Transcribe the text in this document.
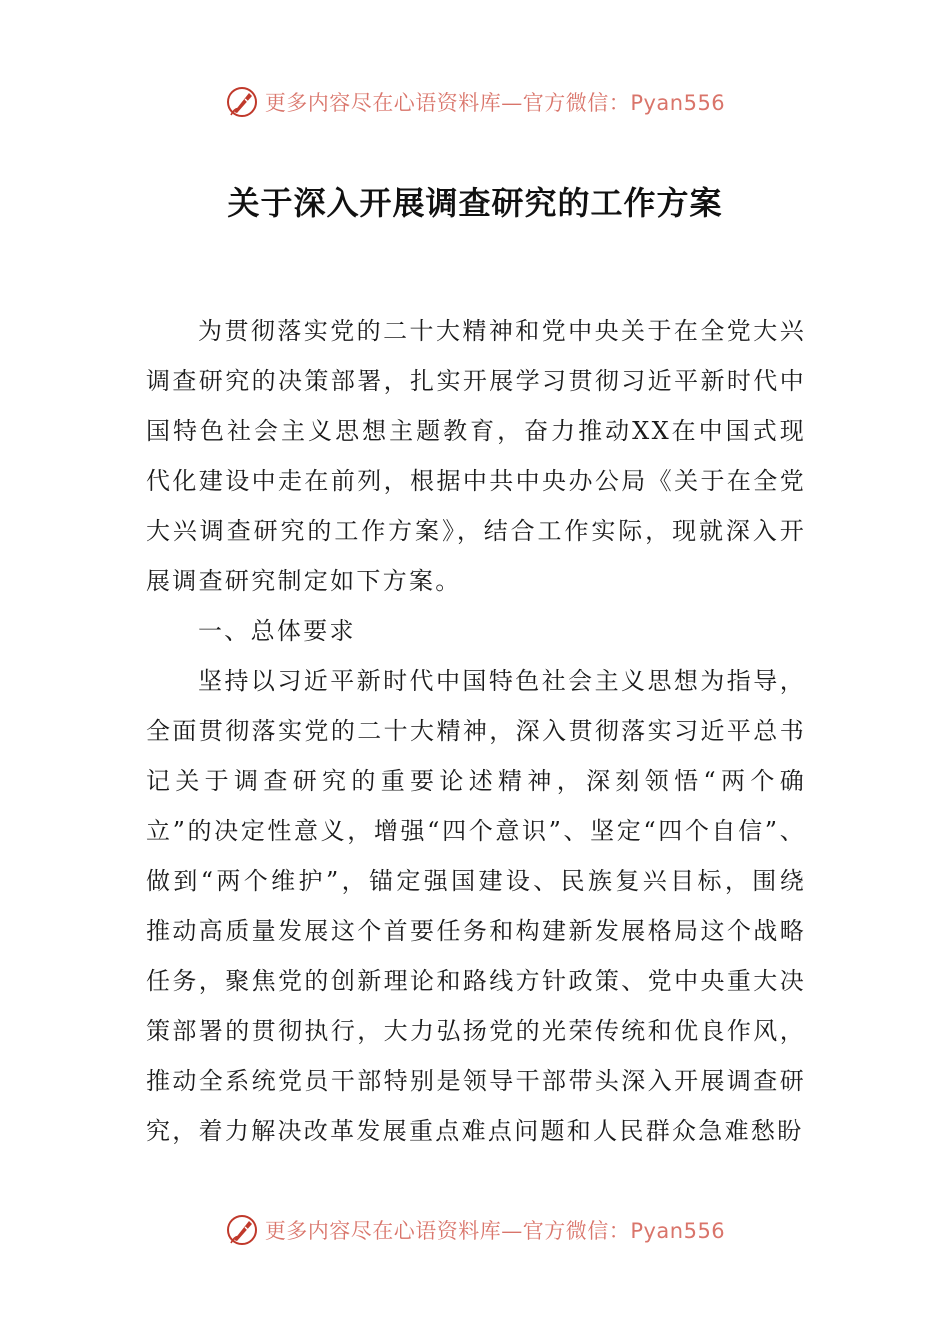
更多内容尽在心语资料库—官方微信：Pyan556
关于深入开展调查研究的工作方案

为贯彻落实党的二十大精神和党中央关于在全党大兴调查研究的决策部署，扎实开展学习贯彻习近平新时代中国特色社会主义思想主题教育，奋力推动XX在中国式现代化建设中走在前列，根据中共中央办公局《关于在全党大兴调查研究的工作方案》，结合工作实际，现就深入开展调查研究制定如下方案。

一、总体要求

坚持以习近平新时代中国特色社会主义思想为指导，全面贯彻落实党的二十大精神，深入贯彻落实习近平总书记关于调查研究的重要论述精神，深刻领悟“两个确立”的决定性意义，增强“四个意识”、坚定“四个自信”、做到“两个维护”，锚定强国建设、民族复兴目标，围绕推动高质量发展这个首要任务和构建新发展格局这个战略任务，聚焦党的创新理论和路线方针政策、党中央重大决策部署的贯彻执行，大力弘扬党的光荣传统和优良作风，推动全系统党员干部特别是领导干部带头深入开展调查研究，着力解决改革发展重点难点问题和人民群众急难愁盼

更多内容尽在心语资料库—官方微信：Pyan556
